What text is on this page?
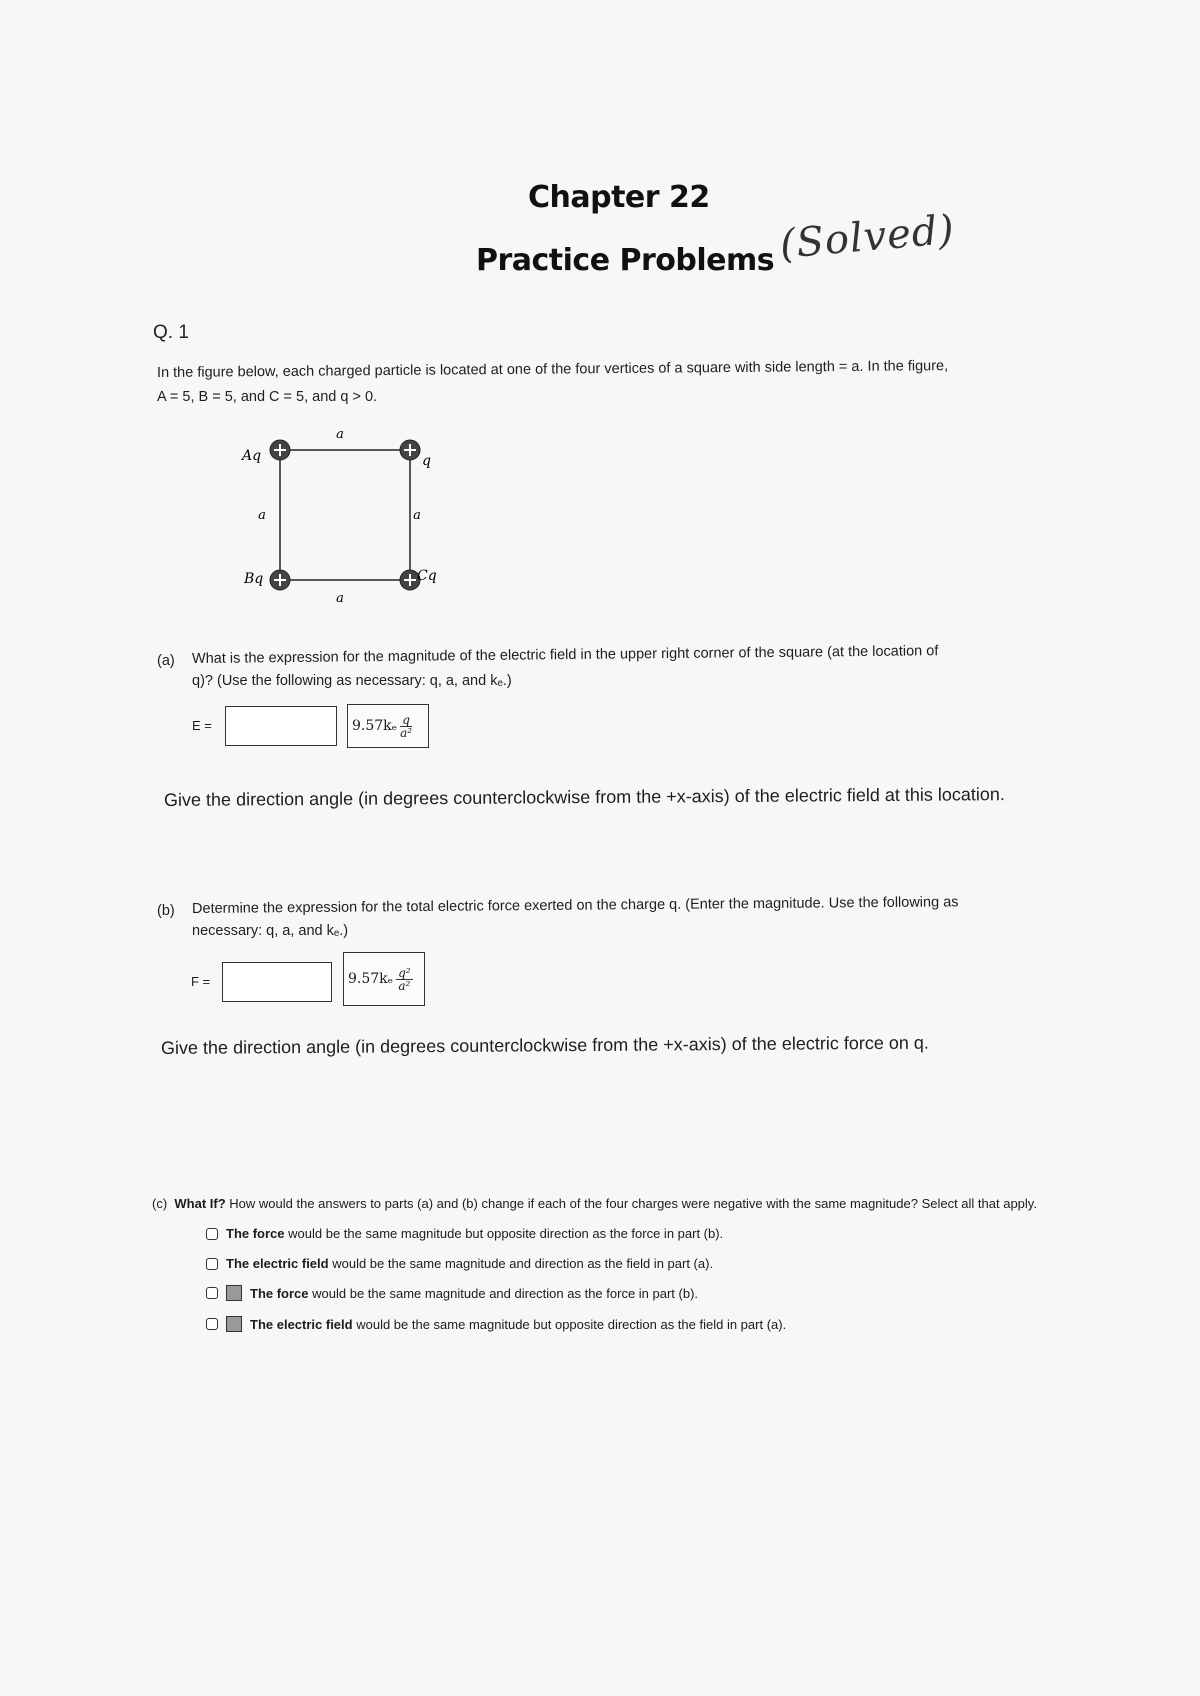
Chapter 22
Practice Problems (Solved)
Q. 1
In the figure below, each charged particle is located at one of the four vertices of a square with side length = a. In the figure,
A = 5, B = 5, and C = 5, and q > 0.
a
a
a	a
Aq	q
Bq	Cq
(a) What is the expression for the magnitude of the electric field in the upper right corner of the square (at the location of
q)? (Use the following as necessary: q, a, and kₑ.)
E =	$9.57k_e \frac{q}{\text{a²}}$
Give the direction angle (in degrees counterclockwise from the +x-axis) of the electric field at this location.
(b) Determine the expression for the total electric force exerted on the charge q. (Enter the magnitude. Use the following as
necessary: q, a, and kₑ.)
F =	$9.57k_e \frac{\text{q²}}{\text{a²}}$
Give the direction angle (in degrees counterclockwise from the +x-axis) of the electric force on q.
(c) What If? How would the answers to parts (a) and (b) change if each of the four charges were negative with the same magnitude? Select all that apply.
The force would be the same magnitude but opposite direction as the force in part (b).
The electric field would be the same magnitude and direction as the field in part (a).
The force would be the same magnitude and direction as the force in part (b).
The electric field would be the same magnitude but opposite direction as the field in part (a).
